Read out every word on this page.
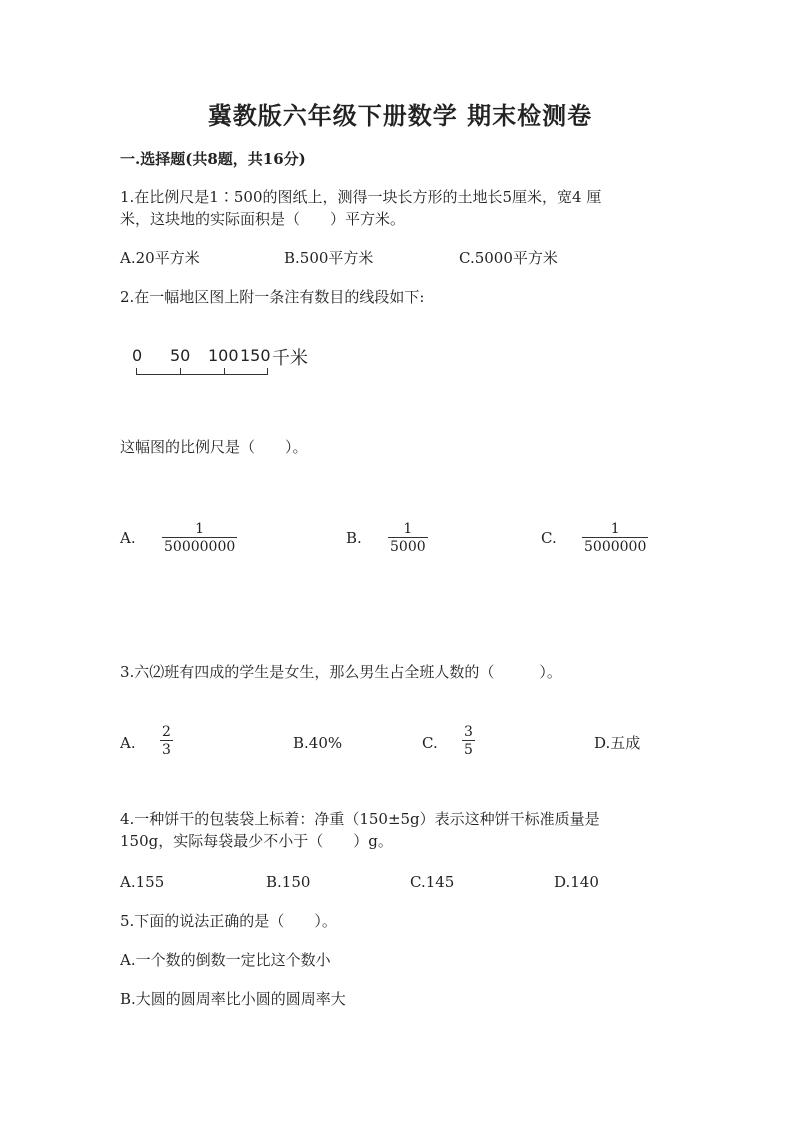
冀教版六年级下册数学 期末检测卷
一.选择题(共8题，共16分)
1.在比例尺是1∶500的图纸上，测得一块长方形的土地长5厘米，宽4 厘
米，这块地的实际面积是（　　）平方米。
A.20平方米	B.500平方米	C.5000平方米
2.在一幅地区图上附一条注有数目的线段如下:
0 50 100 150 千米
这幅图的比例尺是（　　）。
A. $\frac{1}{50000000}$	B. $\frac{1}{5000}$	C. $\frac{1}{5000000}$
3.六⑵班有四成的学生是女生，那么男生占全班人数的（　　　）。
A. $\frac{2}{3}$	B.40%	C. $\frac{3}{5}$	D.五成
4.一种饼干的包装袋上标着：净重（150±5g）表示这种饼干标准质量是
150g，实际每袋最少不小于（　　）g。
A.155	B.150	C.145	D.140
5.下面的说法正确的是（　　）。
A.一个数的倒数一定比这个数小
B.大圆的圆周率比小圆的圆周率大
